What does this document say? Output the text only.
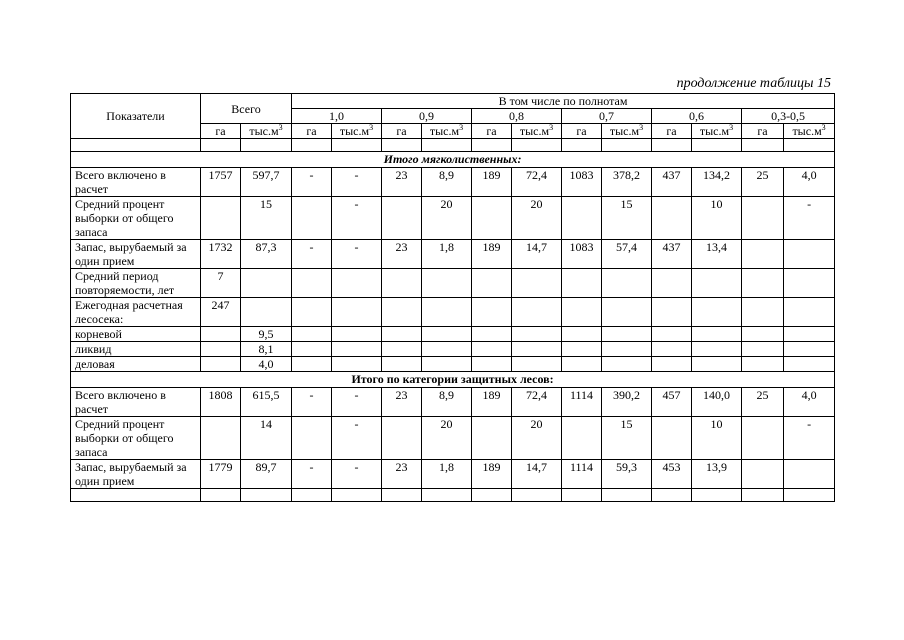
продолжение таблицы 15
Показатели	Всего		В том числе по полнотам											
			1,0		0,9		0,8		0,7		0,6		0,3-0,5	
	га	$тыс.м^3$	га	$тыс.м^3$	га	$тыс.м^3$	га	$тыс.м^3$	га	$тыс.м^3$	га	$тыс.м^3$	га	$тыс.м^3$

Итого мягколиственных:														
Всего включено в расчет	1757	597,7	-	-	23	8,9	189	72,4	1083	378,2	437	134,2	25	4,0
Средний процент выборки от общего запаса		15		-		20		20		15		10		-
Запас, вырубаемый за один прием	1732	87,3	-	-	23	1,8	189	14,7	1083	57,4	437	13,4		
Средний период повторяемости, лет	7													
Ежегодная расчетная лесосека:	247													
корневой		9,5												
ликвид		8,1												
деловая		4,0												
Итого по категории защитных лесов:														
Всего включено в расчет	1808	615,5	-	-	23	8,9	189	72,4	1114	390,2	457	140,0	25	4,0
Средний процент выборки от общего запаса		14		-		20		20		15		10		-
Запас, вырубаемый за один прием	1779	89,7	-	-	23	1,8	189	14,7	1114	59,3	453	13,9		
